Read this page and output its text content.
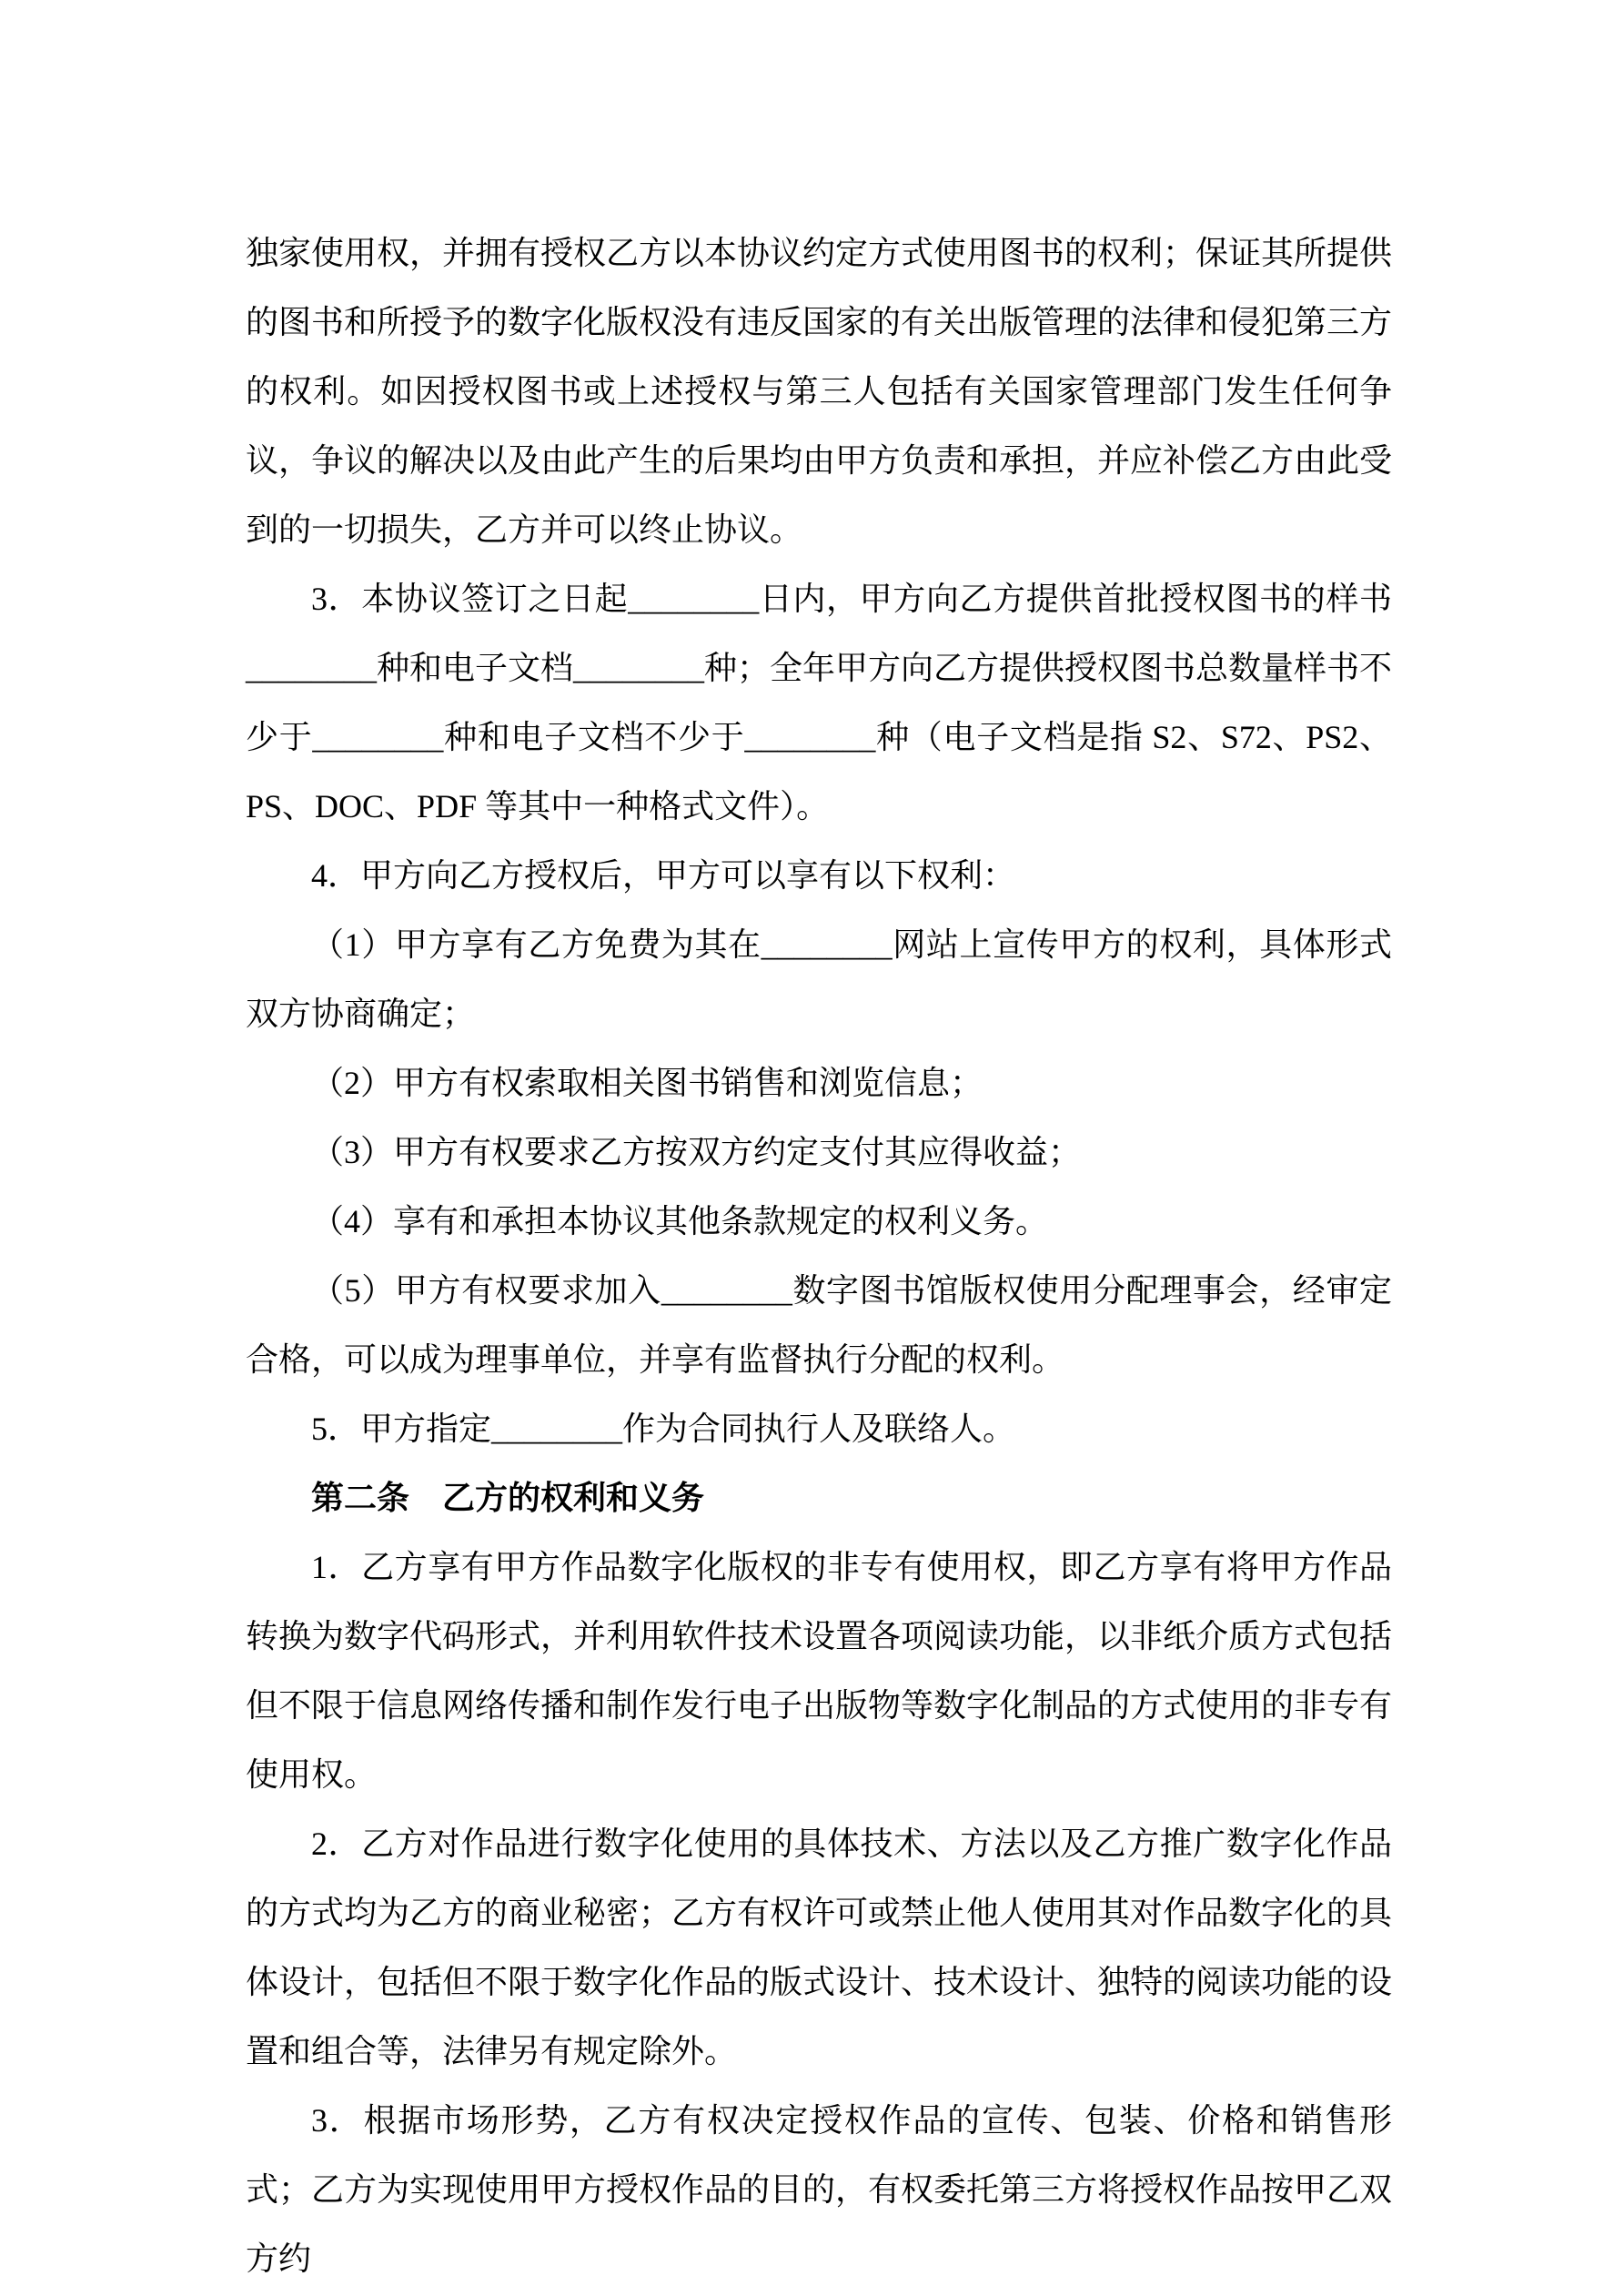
独家使用权，并拥有授权乙方以本协议约定方式使用图书的权利；保证其所提供的图书和所授予的数字化版权没有违反国家的有关出版管理的法律和侵犯第三方的权利。如因授权图书或上述授权与第三人包括有关国家管理部门发生任何争议，争议的解决以及由此产生的后果均由甲方负责和承担，并应补偿乙方由此受到的一切损失，乙方并可以终止协议。

3．本协议签订之日起________日内，甲方向乙方提供首批授权图书的样书________种和电子文档________种；全年甲方向乙方提供授权图书总数量样书不少于________种和电子文档不少于________种（电子文档是指 S2、S72、PS2、PS、DOC、PDF 等其中一种格式文件）。

4．甲方向乙方授权后，甲方可以享有以下权利：

（1）甲方享有乙方免费为其在________网站上宣传甲方的权利，具体形式双方协商确定；

（2）甲方有权索取相关图书销售和浏览信息；

（3）甲方有权要求乙方按双方约定支付其应得收益；

（4）享有和承担本协议其他条款规定的权利义务。

（5）甲方有权要求加入________数字图书馆版权使用分配理事会，经审定合格，可以成为理事单位，并享有监督执行分配的权利。

5．甲方指定________作为合同执行人及联络人。

第二条　乙方的权利和义务

1．乙方享有甲方作品数字化版权的非专有使用权，即乙方享有将甲方作品转换为数字代码形式，并利用软件技术设置各项阅读功能，以非纸介质方式包括但不限于信息网络传播和制作发行电子出版物等数字化制品的方式使用的非专有使用权。

2．乙方对作品进行数字化使用的具体技术、方法以及乙方推广数字化作品的方式均为乙方的商业秘密；乙方有权许可或禁止他人使用其对作品数字化的具体设计，包括但不限于数字化作品的版式设计、技术设计、独特的阅读功能的设置和组合等，法律另有规定除外。

3．根据市场形势，乙方有权决定授权作品的宣传、包装、价格和销售形式；乙方为实现使用甲方授权作品的目的，有权委托第三方将授权作品按甲乙双方约
